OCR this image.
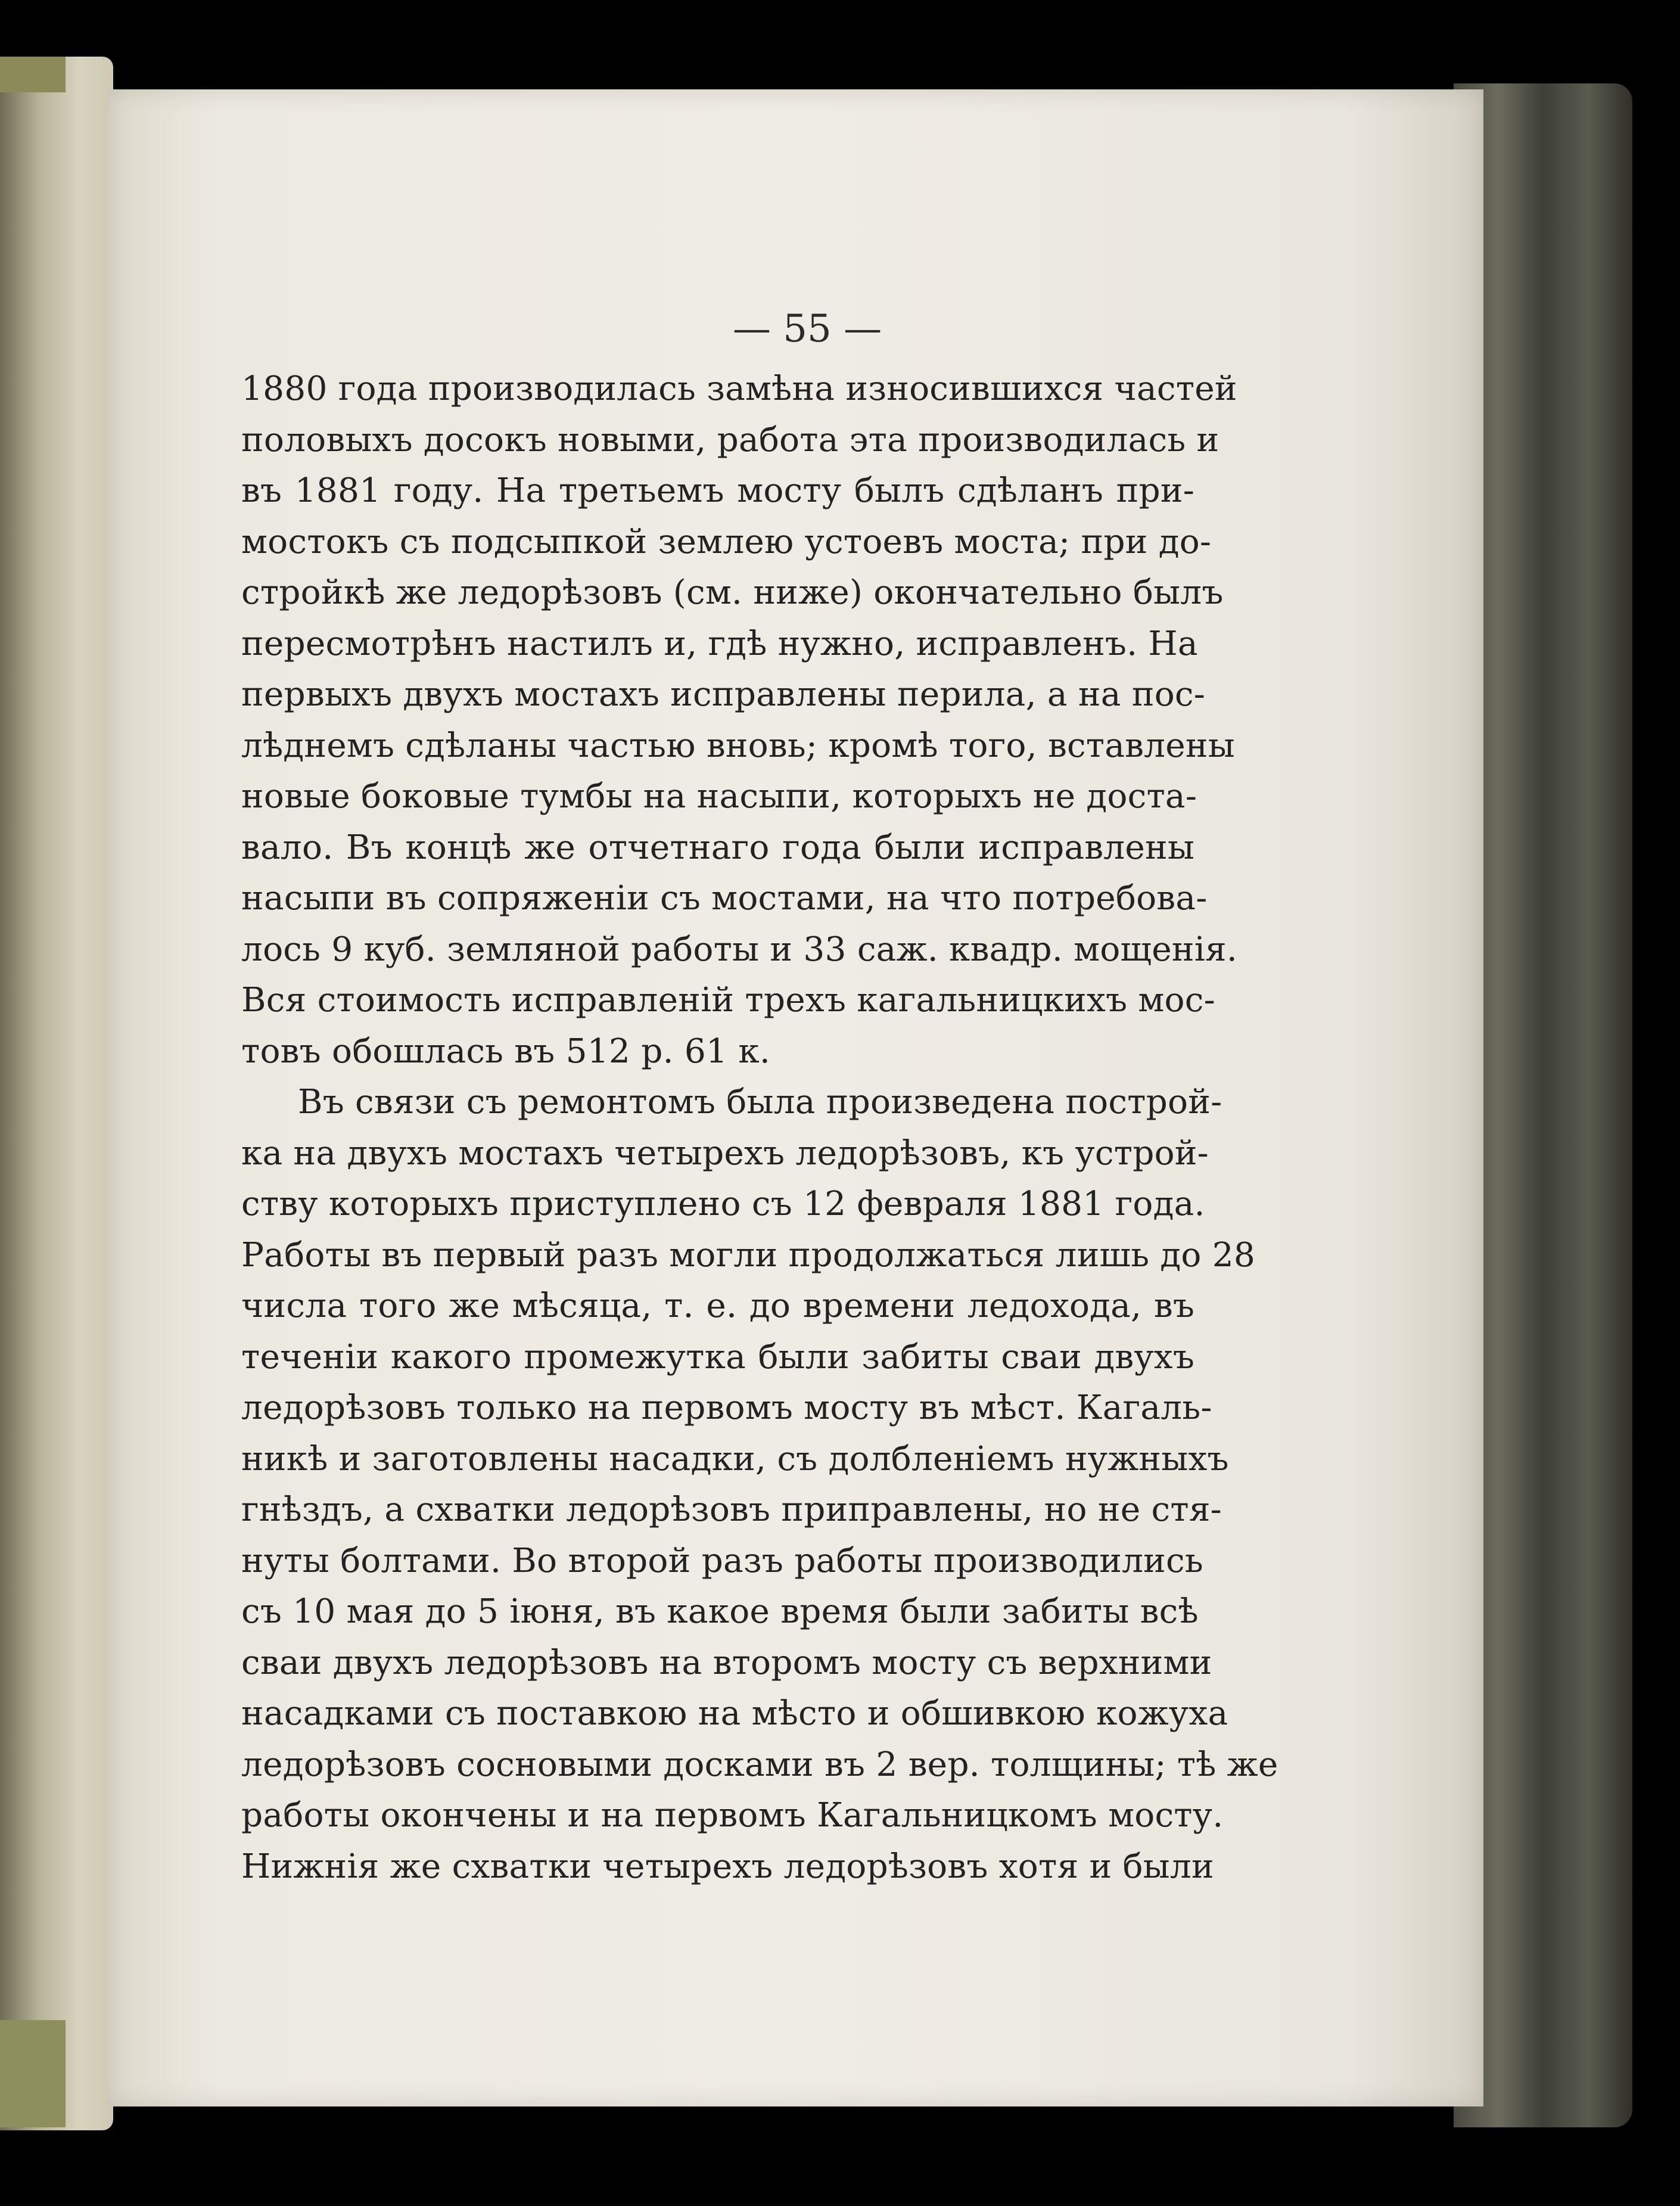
— 55 —
1880 года производилась замѣна износившихся частей
половыхъ досокъ новыми, работа эта производилась и
въ 1881 году. На третьемъ мосту былъ сдѣланъ при-
мостокъ съ подсыпкой землею устоевъ моста; при до-
стройкѣ же ледорѣзовъ (см. ниже) окончательно былъ
пересмотрѣнъ настилъ и, гдѣ нужно, исправленъ. На
первыхъ двухъ мостахъ исправлены перила, а на пос-
лѣднемъ сдѣланы частью вновь; кромѣ того, вставлены
новые боковые тумбы на насыпи, которыхъ не доста-
вало. Въ концѣ же отчетнаго года были исправлены
насыпи въ сопряженіи съ мостами, на что потребова-
лось 9 куб. земляной работы и 33 саж. квадр. мощенія.
Вся стоимость исправленій трехъ кагальницкихъ мос-
товъ обошлась въ 512 р. 61 к.
Въ связи съ ремонтомъ была произведена построй-
ка на двухъ мостахъ четырехъ ледорѣзовъ, къ устрой-
ству которыхъ приступлено съ 12 февраля 1881 года.
Работы въ первый разъ могли продолжаться лишь до 28
числа того же мѣсяца, т. е. до времени ледохода, въ
теченіи какого промежутка были забиты сваи двухъ
ледорѣзовъ только на первомъ мосту въ мѣст. Кагаль-
никѣ и заготовлены насадки, съ долбленіемъ нужныхъ
гнѣздъ, а схватки ледорѣзовъ приправлены, но не стя-
нуты болтами. Во второй разъ работы производились
съ 10 мая до 5 іюня, въ какое время были забиты всѣ
сваи двухъ ледорѣзовъ на второмъ мосту съ верхними
насадками съ поставкою на мѣсто и обшивкою кожуха
ледорѣзовъ сосновыми досками въ 2 вер. толщины; тѣ же
работы окончены и на первомъ Кагальницкомъ мосту.
Нижнія же схватки четырехъ ледорѣзовъ хотя и были
